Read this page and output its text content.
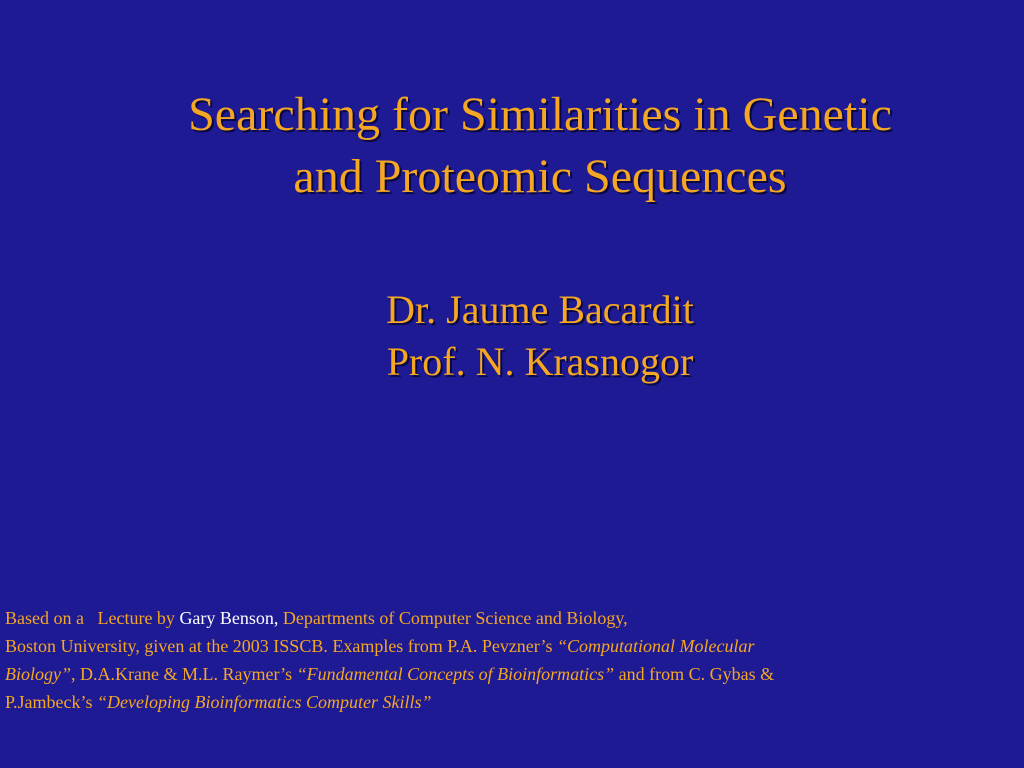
Searching for Similarities in Genetic
and Proteomic Sequences
Dr. Jaume Bacardit
Prof. N. Krasnogor
Based on a   Lecture by Gary Benson, Departments of Computer Science and Biology,
Boston University, given at the 2003 ISSCB. Examples from P.A. Pevzner’s “Computational Molecular
Biology”, D.A.Krane & M.L. Raymer’s “Fundamental Concepts of Bioinformatics” and from C. Gybas &
P.Jambeck’s “Developing Bioinformatics Computer Skills”
